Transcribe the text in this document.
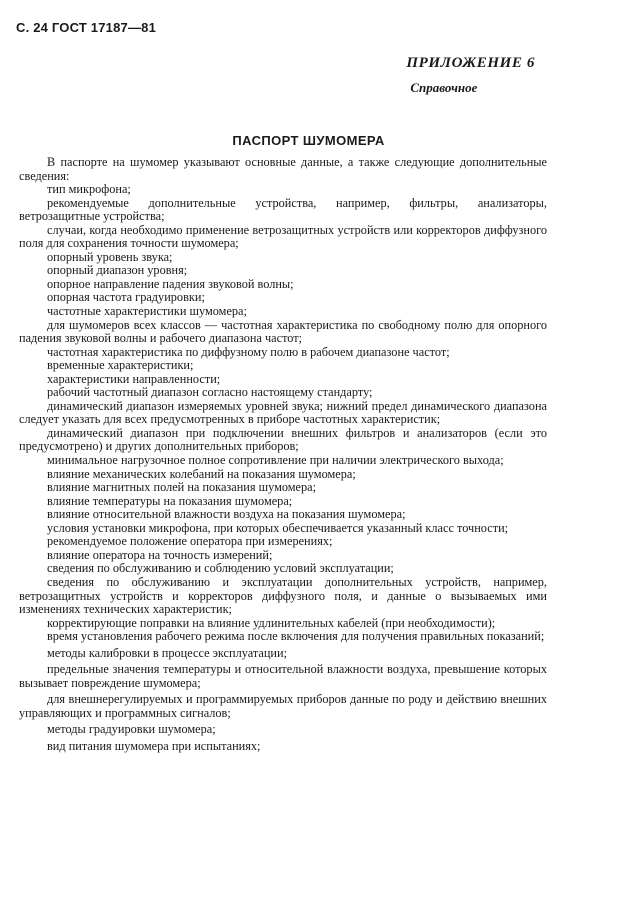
С. 24 ГОСТ 17187—81
ПРИЛОЖЕНИЕ 6
Справочное
ПАСПОРТ ШУМОМЕРА

В паспорте на шумомер указывают основные данные, а также следующие дополнительные сведения:

тип микрофона;

рекомендуемые дополнительные устройства, например, фильтры, анализаторы, ветрозащитные устройства;

случаи, когда необходимо применение ветрозащитных устройств или корректоров диффузного поля для сохранения точности шумомера;

опорный уровень звука;

опорный диапазон уровня;

опорное направление падения звуковой волны;

опорная частота градуировки;

частотные характеристики шумомера;

для шумомеров всех классов — частотная характеристика по свободному полю для опорного падения звуковой волны и рабочего диапазона частот;

частотная характеристика по диффузному полю в рабочем диапазоне частот;

временные характеристики;

характеристики направленности;

рабочий частотный диапазон согласно настоящему стандарту;

динамический диапазон измеряемых уровней звука; нижний предел динамического диапазона следует указать для всех предусмотренных в приборе частотных характеристик;

динамический диапазон при подключении внешних фильтров и анализаторов (если это предусмотрено) и других дополнительных приборов;

минимальное нагрузочное полное сопротивление при наличии электрического выхода;

влияние механических колебаний на показания шумомера;

влияние магнитных полей на показания шумомера;

влияние температуры на показания шумомера;

влияние относительной влажности воздуха на показания шумомера;

условия установки микрофона, при которых обеспечивается указанный класс точности;

рекомендуемое положение оператора при измерениях;

влияние оператора на точность измерений;

сведения по обслуживанию и соблюдению условий эксплуатации;

сведения по обслуживанию и эксплуатации дополнительных устройств, например, ветрозащитных устройств и корректоров диффузного поля, и данные о вызываемых ими изменениях технических характеристик;

корректирующие поправки на влияние удлинительных кабелей (при необходимости);

время установления рабочего режима после включения для получения правильных показаний;

методы калибровки в процессе эксплуатации;

предельные значения температуры и относительной влажности воздуха, превышение которых вызывает повреждение шумомера;

для внешнерегулируемых и программируемых приборов данные по роду и действию внешних управляющих и программных сигналов;

методы градуировки шумомера;

вид питания шумомера при испытаниях;
